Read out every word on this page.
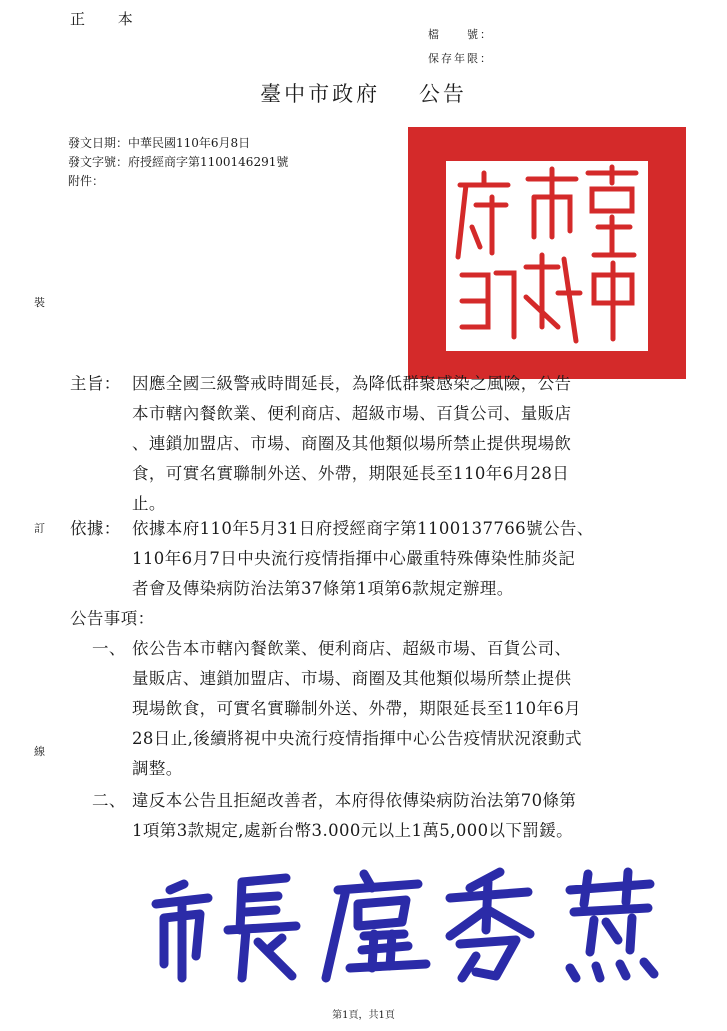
正 本
檔　　號：
保存年限：
臺中市政府 公告
發文日期：中華民國110年6月8日
發文字號：府授經商字第1100146291號
附件：
裝
訂
線
主旨： 因應全國三級警戒時間延長，為降低群聚感染之風險，公告
本市轄內餐飲業、便利商店、超級市場、百貨公司、量販店
、連鎖加盟店、市場、商圈及其他類似場所禁止提供現場飲
食，可實名實聯制外送、外帶，期限延長至110年6月28日
止。
依據： 依據本府110年5月31日府授經商字第1100137766號公告、
110年6月7日中央流行疫情指揮中心嚴重特殊傳染性肺炎記
者會及傳染病防治法第37條第1項第6款規定辦理。
公告事項：
一、 依公告本市轄內餐飲業、便利商店、超級市場、百貨公司、
量販店、連鎖加盟店、市場、商圈及其他類似場所禁止提供
現場飲食，可實名實聯制外送、外帶，期限延長至110年6月
28日止,後續將視中央流行疫情指揮中心公告疫情狀況滾動式
調整。
二、 違反本公告且拒絕改善者，本府得依傳染病防治法第70條第
1項第3款規定,處新台幣3.000元以上1萬5,000以下罰鍰。
第1頁，共1頁
